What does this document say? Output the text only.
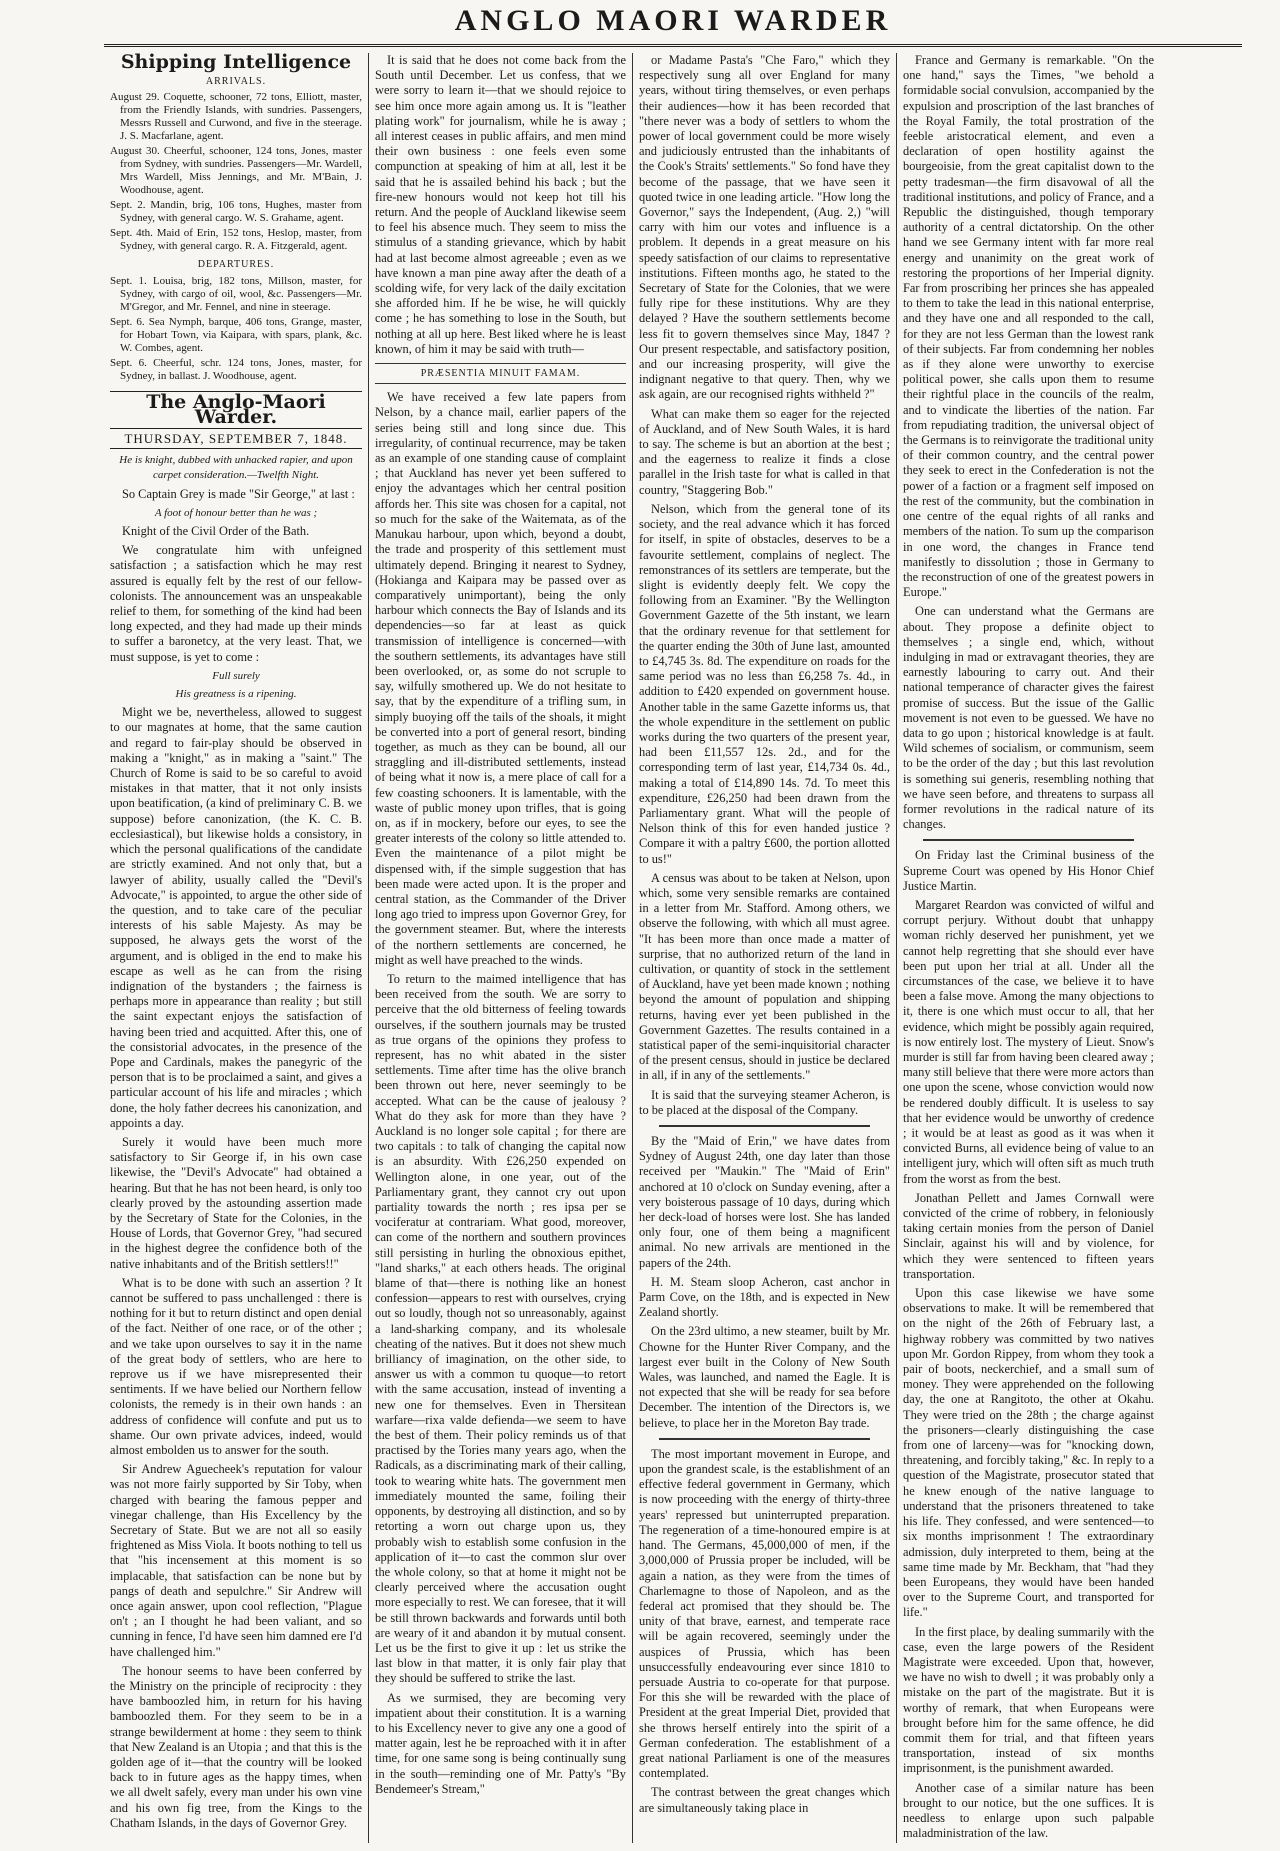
ANGLO MAORI WARDER
Shipping Intelligence
ARRIVALS.
August 29. Coquette, schooner, 72 tons, Elliott, master, from the Friendly Islands, with sundries. Passengers, Messrs Russell and Curwond, and five in the steerage. J. S. Macfarlane, agent.
August 30. Cheerful, schooner, 124 tons, Jones, master from Sydney, with sundries. Passengers—Mr. Wardell, Mrs Wardell, Miss Jennings, and Mr. M'Bain, J. Woodhouse, agent.
Sept. 2. Mandin, brig, 106 tons, Hughes, master from Sydney, with general cargo. W. S. Grahame, agent.
Sept. 4th. Maid of Erin, 152 tons, Heslop, master, from Sydney, with general cargo. R. A. Fitzgerald, agent.
DEPARTURES.
Sept. 1. Louisa, brig, 182 tons, Millson, master, for Sydney, with cargo of oil, wool, &c. Passengers—Mr. M'Gregor, and Mr. Fennel, and nine in steerage.
Sept. 6. Sea Nymph, barque, 406 tons, Grange, master, for Hobart Town, via Kaipara, with spars, plank, &c. W. Combes, agent.
Sept. 6. Cheerful, schr. 124 tons, Jones, master, for Sydney, in ballast. J. Woodhouse, agent.
The Anglo-Maori Warder.
THURSDAY, SEPTEMBER 7, 1848.
He is knight, dubbed with unhacked rapier, and upon carpet consideration.—Twelfth Night.

So Captain Grey is made "Sir George," at last :

A foot of honour better than he was ;

Knight of the Civil Order of the Bath.

We congratulate him with unfeigned satisfaction ; a satisfaction which he may rest assured is equally felt by the rest of our fellow-colonists. The announcement was an unspeakable relief to them, for something of the kind had been long expected, and they had made up their minds to suffer a baronetcy, at the very least. That, we must suppose, is yet to come :

Full surely
His greatness is a ripening.

Might we be, nevertheless, allowed to suggest to our magnates at home, that the same caution and regard to fair-play should be observed in making a "knight," as in making a "saint." The Church of Rome is said to be so careful to avoid mistakes in that matter, that it not only insists upon beatification, (a kind of preliminary C. B. we suppose) before canonization, (the K. C. B. ecclesiastical), but likewise holds a consistory, in which the personal qualifications of the candidate are strictly examined. And not only that, but a lawyer of ability, usually called the "Devil's Advocate," is appointed, to argue the other side of the question, and to take care of the peculiar interests of his sable Majesty. As may be supposed, he always gets the worst of the argument, and is obliged in the end to make his escape as well as he can from the rising indignation of the bystanders ; the fairness is perhaps more in appearance than reality ; but still the saint expectant enjoys the satisfaction of having been tried and acquitted. After this, one of the consistorial advocates, in the presence of the Pope and Cardinals, makes the panegyric of the person that is to be proclaimed a saint, and gives a particular account of his life and miracles ; which done, the holy father decrees his canonization, and appoints a day.

Surely it would have been much more satisfactory to Sir George if, in his own case likewise, the "Devil's Advocate" had obtained a hearing. But that he has not been heard, is only too clearly proved by the astounding assertion made by the Secretary of State for the Colonies, in the House of Lords, that Governor Grey, "had secured in the highest degree the confidence both of the native inhabitants and of the British settlers!!"

What is to be done with such an assertion ? It cannot be suffered to pass unchallenged : there is nothing for it but to return distinct and open denial of the fact. Neither of one race, or of the other ; and we take upon ourselves to say it in the name of the great body of settlers, who are here to reprove us if we have misrepresented their sentiments. If we have belied our Northern fellow colonists, the remedy is in their own hands : an address of confidence will confute and put us to shame. Our own private advices, indeed, would almost embolden us to answer for the south.

Sir Andrew Aguecheek's reputation for valour was not more fairly supported by Sir Toby, when charged with bearing the famous pepper and vinegar challenge, than His Excellency by the Secretary of State. But we are not all so easily frightened as Miss Viola. It boots nothing to tell us that "his incensement at this moment is so implacable, that satisfaction can be none but by pangs of death and sepulchre." Sir Andrew will once again answer, upon cool reflection, "Plague on't ; an I thought he had been valiant, and so cunning in fence, I'd have seen him damned ere I'd have challenged him."

The honour seems to have been conferred by the Ministry on the principle of reciprocity : they have bamboozled him, in return for his having bamboozled them. For they seem to be in a strange bewilderment at home : they seem to think that New Zealand is an Utopia ; and that this is the golden age of it—that the country will be looked back to in future ages as the happy times, when we all dwelt safely, every man under his own vine and his own fig tree, from the Kings to the Chatham Islands, in the days of Governor Grey.

It is said that he does not come back from the South until December. Let us confess, that we were sorry to learn it—that we should rejoice to see him once more again among us. It is "leather plating work" for journalism, while he is away ; all interest ceases in public affairs, and men mind their own business : one feels even some compunction at speaking of him at all, lest it be said that he is assailed behind his back ; but the fire-new honours would not keep hot till his return. And the people of Auckland likewise seem to feel his absence much. They seem to miss the stimulus of a standing grievance, which by habit had at last become almost agreeable ; even as we have known a man pine away after the death of a scolding wife, for very lack of the daily excitation she afforded him. If he be wise, he will quickly come ; he has something to lose in the South, but nothing at all up here. Best liked where he is least known, of him it may be said with truth—

PRÆSENTIA MINUIT FAMAM.

We have received a few late papers from Nelson, by a chance mail, earlier papers of the series being still and long since due. This irregularity, of continual recurrence, may be taken as an example of one standing cause of complaint ; that Auckland has never yet been suffered to enjoy the advantages which her central position affords her. This site was chosen for a capital, not so much for the sake of the Waitemata, as of the Manukau harbour, upon which, beyond a doubt, the trade and prosperity of this settlement must ultimately depend. Bringing it nearest to Sydney, (Hokianga and Kaipara may be passed over as comparatively unimportant), being the only harbour which connects the Bay of Islands and its dependencies—so far at least as quick transmission of intelligence is concerned—with the southern settlements, its advantages have still been overlooked, or, as some do not scruple to say, wilfully smothered up. We do not hesitate to say, that by the expenditure of a trifling sum, in simply buoying off the tails of the shoals, it might be converted into a port of general resort, binding together, as much as they can be bound, all our straggling and ill-distributed settlements, instead of being what it now is, a mere place of call for a few coasting schooners. It is lamentable, with the waste of public money upon trifles, that is going on, as if in mockery, before our eyes, to see the greater interests of the colony so little attended to. Even the maintenance of a pilot might be dispensed with, if the simple suggestion that has been made were acted upon. It is the proper and central station, as the Commander of the Driver long ago tried to impress upon Governor Grey, for the government steamer. But, where the interests of the northern settlements are concerned, he might as well have preached to the winds.

To return to the maimed intelligence that has been received from the south. We are sorry to perceive that the old bitterness of feeling towards ourselves, if the southern journals may be trusted as true organs of the opinions they profess to represent, has no whit abated in the sister settlements. Time after time has the olive branch been thrown out here, never seemingly to be accepted. What can be the cause of jealousy ? What do they ask for more than they have ? Auckland is no longer sole capital ; for there are two capitals : to talk of changing the capital now is an absurdity. With £26,250 expended on Wellington alone, in one year, out of the Parliamentary grant, they cannot cry out upon partiality towards the north ; res ipsa per se vociferatur at contrariam. What good, moreover, can come of the northern and southern provinces still persisting in hurling the obnoxious epithet, "land sharks," at each others heads. The original blame of that—there is nothing like an honest confession—appears to rest with ourselves, crying out so loudly, though not so unreasonably, against a land-sharking company, and its wholesale cheating of the natives. But it does not shew much brilliancy of imagination, on the other side, to answer us with a common tu quoque—to retort with the same accusation, instead of inventing a new one for themselves. Even in Thersitean warfare—rixa valde defienda—we seem to have the best of them. Their policy reminds us of that practised by the Tories many years ago, when the Radicals, as a discriminating mark of their calling, took to wearing white hats. The government men immediately mounted the same, foiling their opponents, by destroying all distinction, and so by retorting a worn out charge upon us, they probably wish to establish some confusion in the application of it—to cast the common slur over the whole colony, so that at home it might not be clearly perceived where the accusation ought more especially to rest. We can foresee, that it will be still thrown backwards and forwards until both are weary of it and abandon it by mutual consent. Let us be the first to give it up : let us strike the last blow in that matter, it is only fair play that they should be suffered to strike the last.

As we surmised, they are becoming very impatient about their constitution. It is a warning to his Excellency never to give any one a good of matter again, lest he be reproached with it in after time, for one same song is being continually sung in the south—reminding one of Mr. Patty's "By Bendemeer's Stream,"

or Madame Pasta's "Che Faro," which they respectively sung all over England for many years, without tiring themselves, or even perhaps their audiences—how it has been recorded that "there never was a body of settlers to whom the power of local government could be more wisely and judiciously entrusted than the inhabitants of the Cook's Straits' settlements." So fond have they become of the passage, that we have seen it quoted twice in one leading article. "How long the Governor," says the Independent, (Aug. 2,) "will carry with him our votes and influence is a problem. It depends in a great measure on his speedy satisfaction of our claims to representative institutions. Fifteen months ago, he stated to the Secretary of State for the Colonies, that we were fully ripe for these institutions. Why are they delayed ? Have the southern settlements become less fit to govern themselves since May, 1847 ? Our present respectable, and satisfactory position, and our increasing prosperity, will give the indignant negative to that query. Then, why we ask again, are our recognised rights withheld ?"

What can make them so eager for the rejected of Auckland, and of New South Wales, it is hard to say. The scheme is but an abortion at the best ; and the eagerness to realize it finds a close parallel in the Irish taste for what is called in that country, "Staggering Bob."

Nelson, which from the general tone of its society, and the real advance which it has forced for itself, in spite of obstacles, deserves to be a favourite settlement, complains of neglect. The remonstrances of its settlers are temperate, but the slight is evidently deeply felt. We copy the following from an Examiner. "By the Wellington Government Gazette of the 5th instant, we learn that the ordinary revenue for that settlement for the quarter ending the 30th of June last, amounted to £4,745 3s. 8d. The expenditure on roads for the same period was no less than £6,258 7s. 4d., in addition to £420 expended on government house. Another table in the same Gazette informs us, that the whole expenditure in the settlement on public works during the two quarters of the present year, had been £11,557 12s. 2d., and for the corresponding term of last year, £14,734 0s. 4d., making a total of £14,890 14s. 7d. To meet this expenditure, £26,250 had been drawn from the Parliamentary grant. What will the people of Nelson think of this for even handed justice ? Compare it with a paltry £600, the portion allotted to us!"

A census was about to be taken at Nelson, upon which, some very sensible remarks are contained in a letter from Mr. Stafford. Among others, we observe the following, with which all must agree. "It has been more than once made a matter of surprise, that no authorized return of the land in cultivation, or quantity of stock in the settlement of Auckland, have yet been made known ; nothing beyond the amount of population and shipping returns, having ever yet been published in the Government Gazettes. The results contained in a statistical paper of the semi-inquisitorial character of the present census, should in justice be declared in all, if in any of the settlements."

It is said that the surveying steamer Acheron, is to be placed at the disposal of the Company.

By the "Maid of Erin," we have dates from Sydney of August 24th, one day later than those received per "Maukin." The "Maid of Erin" anchored at 10 o'clock on Sunday evening, after a very boisterous passage of 10 days, during which her deck-load of horses were lost. She has landed only four, one of them being a magnificent animal. No new arrivals are mentioned in the papers of the 24th.

H. M. Steam sloop Acheron, cast anchor in Parm Cove, on the 18th, and is expected in New Zealand shortly.

On the 23rd ultimo, a new steamer, built by Mr. Chowne for the Hunter River Company, and the largest ever built in the Colony of New South Wales, was launched, and named the Eagle. It is not expected that she will be ready for sea before December. The intention of the Directors is, we believe, to place her in the Moreton Bay trade.

The most important movement in Europe, and upon the grandest scale, is the establishment of an effective federal government in Germany, which is now proceeding with the energy of thirty-three years' repressed but uninterrupted preparation. The regeneration of a time-honoured empire is at hand. The Germans, 45,000,000 of men, if the 3,000,000 of Prussia proper be included, will be again a nation, as they were from the times of Charlemagne to those of Napoleon, and as the federal act promised that they should be. The unity of that brave, earnest, and temperate race will be again recovered, seemingly under the auspices of Prussia, which has been unsuccessfully endeavouring ever since 1810 to persuade Austria to co-operate for that purpose. For this she will be rewarded with the place of President at the great Imperial Diet, provided that she throws herself entirely into the spirit of a German confederation. The establishment of a great national Parliament is one of the measures contemplated.

The contrast between the great changes which are simultaneously taking place in

France and Germany is remarkable. "On the one hand," says the Times, "we behold a formidable social convulsion, accompanied by the expulsion and proscription of the last branches of the Royal Family, the total prostration of the feeble aristocratical element, and even a declaration of open hostility against the bourgeoisie, from the great capitalist down to the petty tradesman—the firm disavowal of all the traditional institutions, and policy of France, and a Republic the distinguished, though temporary authority of a central dictatorship. On the other hand we see Germany intent with far more real energy and unanimity on the great work of restoring the proportions of her Imperial dignity. Far from proscribing her princes she has appealed to them to take the lead in this national enterprise, and they have one and all responded to the call, for they are not less German than the lowest rank of their subjects. Far from condemning her nobles as if they alone were unworthy to exercise political power, she calls upon them to resume their rightful place in the councils of the realm, and to vindicate the liberties of the nation. Far from repudiating tradition, the universal object of the Germans is to reinvigorate the traditional unity of their common country, and the central power they seek to erect in the Confederation is not the power of a faction or a fragment self imposed on the rest of the community, but the combination in one centre of the equal rights of all ranks and members of the nation. To sum up the comparison in one word, the changes in France tend manifestly to dissolution ; those in Germany to the reconstruction of one of the greatest powers in Europe."

One can understand what the Germans are about. They propose a definite object to themselves ; a single end, which, without indulging in mad or extravagant theories, they are earnestly labouring to carry out. And their national temperance of character gives the fairest promise of success. But the issue of the Gallic movement is not even to be guessed. We have no data to go upon ; historical knowledge is at fault. Wild schemes of socialism, or communism, seem to be the order of the day ; but this last revolution is something sui generis, resembling nothing that we have seen before, and threatens to surpass all former revolutions in the radical nature of its changes.

On Friday last the Criminal business of the Supreme Court was opened by His Honor Chief Justice Martin.

Margaret Reardon was convicted of wilful and corrupt perjury. Without doubt that unhappy woman richly deserved her punishment, yet we cannot help regretting that she should ever have been put upon her trial at all. Under all the circumstances of the case, we believe it to have been a false move. Among the many objections to it, there is one which must occur to all, that her evidence, which might be possibly again required, is now entirely lost. The mystery of Lieut. Snow's murder is still far from having been cleared away ; many still believe that there were more actors than one upon the scene, whose conviction would now be rendered doubly difficult. It is useless to say that her evidence would be unworthy of credence ; it would be at least as good as it was when it convicted Burns, all evidence being of value to an intelligent jury, which will often sift as much truth from the worst as from the best.

Jonathan Pellett and James Cornwall were convicted of the crime of robbery, in feloniously taking certain monies from the person of Daniel Sinclair, against his will and by violence, for which they were sentenced to fifteen years transportation.

Upon this case likewise we have some observations to make. It will be remembered that on the night of the 26th of February last, a highway robbery was committed by two natives upon Mr. Gordon Rippey, from whom they took a pair of boots, neckerchief, and a small sum of money. They were apprehended on the following day, the one at Rangitoto, the other at Okahu. They were tried on the 28th ; the charge against the prisoners—clearly distinguishing the case from one of larceny—was for "knocking down, threatening, and forcibly taking," &c. In reply to a question of the Magistrate, prosecutor stated that he knew enough of the native language to understand that the prisoners threatened to take his life. They confessed, and were sentenced—to six months imprisonment ! The extraordinary admission, duly interpreted to them, being at the same time made by Mr. Beckham, that "had they been Europeans, they would have been handed over to the Supreme Court, and transported for life."

In the first place, by dealing summarily with the case, even the large powers of the Resident Magistrate were exceeded. Upon that, however, we have no wish to dwell ; it was probably only a mistake on the part of the magistrate. But it is worthy of remark, that when Europeans were brought before him for the same offence, he did commit them for trial, and that fifteen years transportation, instead of six months imprisonment, is the punishment awarded.

Another case of a similar nature has been brought to our notice, but the one suffices. It is needless to enlarge upon such palpable maladministration of the law.
